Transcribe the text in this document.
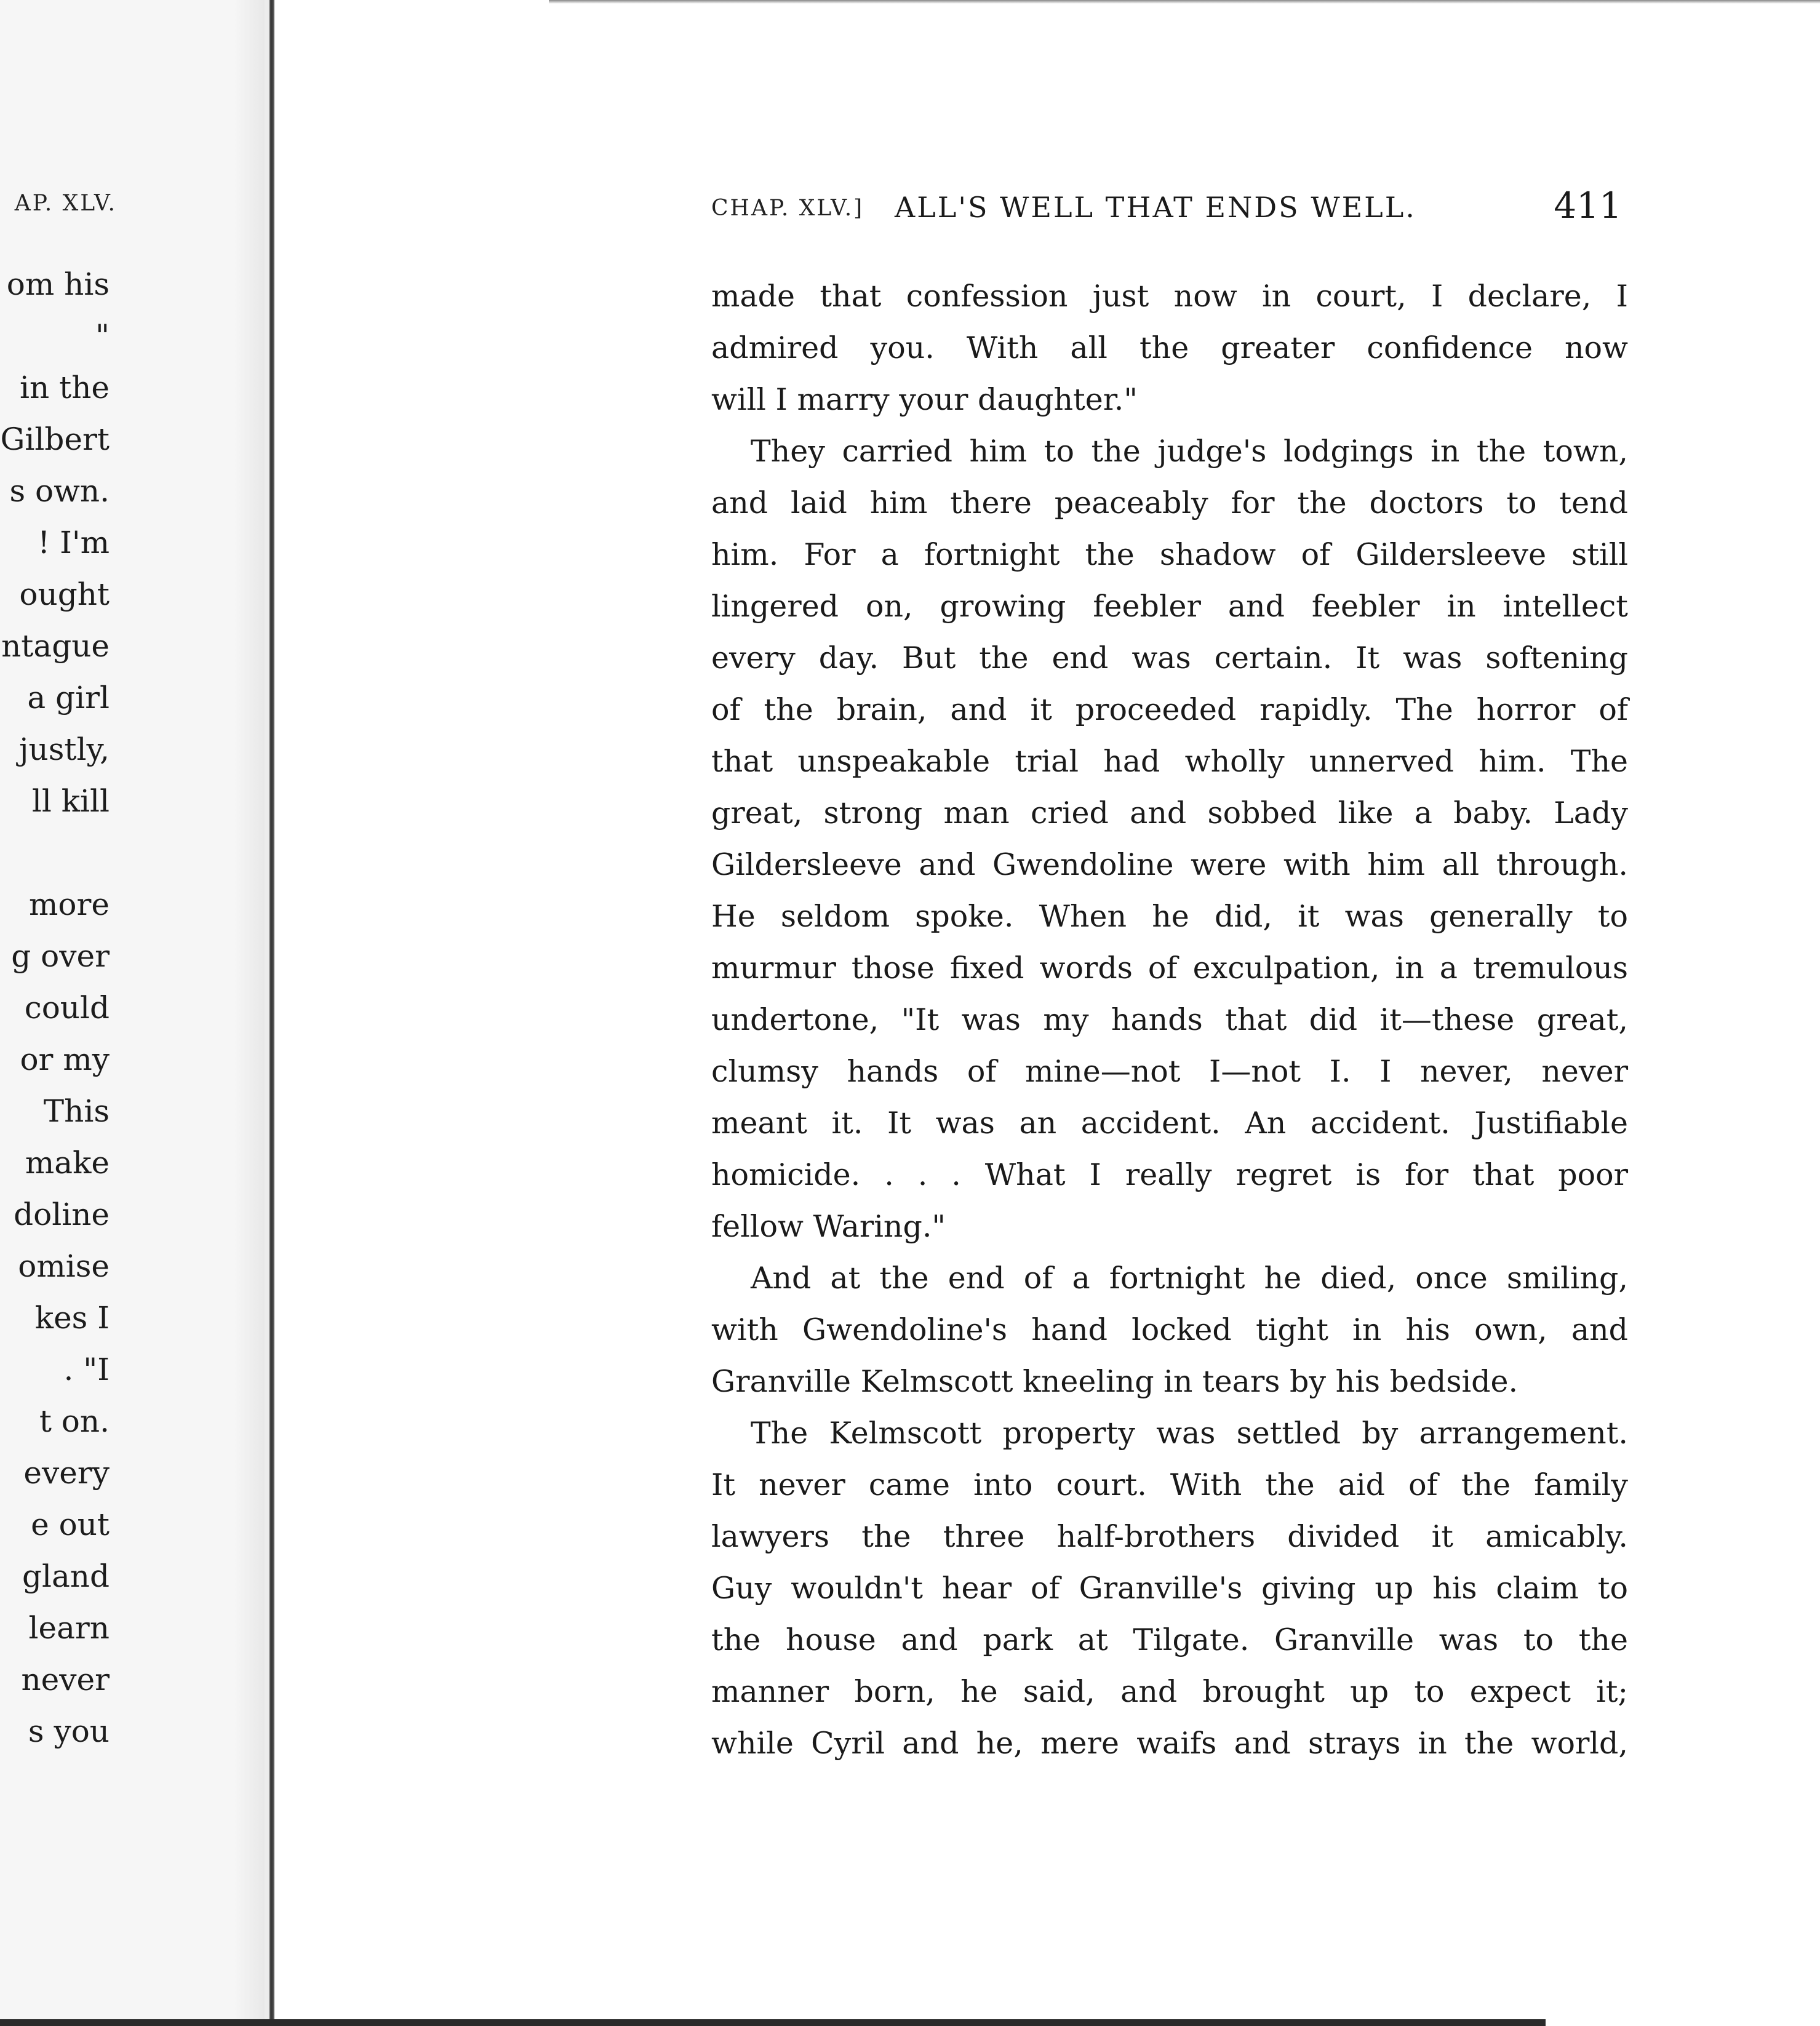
AP. XLV.
om his
"
in the
Gilbert
s own.
! I'm
ought
ntague
a girl
justly,
ll kill
more
g over
could
or my
This
make
doline
omise
kes I
. "I
t on.
every
e out
gland
learn
never
s you
CHAP. XLV.] ALL'S WELL THAT ENDS WELL.	411
made that confession just now in court, I declare, I
admired you. With all the greater confidence now
will I marry your daughter."
They carried him to the judge's lodgings in the town,
and laid him there peaceably for the doctors to tend
him. For a fortnight the shadow of Gildersleeve still
lingered on, growing feebler and feebler in intellect
every day. But the end was certain. It was softening
of the brain, and it proceeded rapidly. The horror of
that unspeakable trial had wholly unnerved him. The
great, strong man cried and sobbed like a baby. Lady
Gildersleeve and Gwendoline were with him all through.
He seldom spoke. When he did, it was generally to
murmur those fixed words of exculpation, in a tremulous
undertone, "It was my hands that did it—these great,
clumsy hands of mine—not I—not I. I never, never
meant it. It was an accident. An accident. Justifiable
homicide. . . . What I really regret is for that poor
fellow Waring."
And at the end of a fortnight he died, once smiling,
with Gwendoline's hand locked tight in his own, and
Granville Kelmscott kneeling in tears by his bedside.
The Kelmscott property was settled by arrangement.
It never came into court. With the aid of the family
lawyers the three half-brothers divided it amicably.
Guy wouldn't hear of Granville's giving up his claim to
the house and park at Tilgate. Granville was to the
manner born, he said, and brought up to expect it;
while Cyril and he, mere waifs and strays in the world,
